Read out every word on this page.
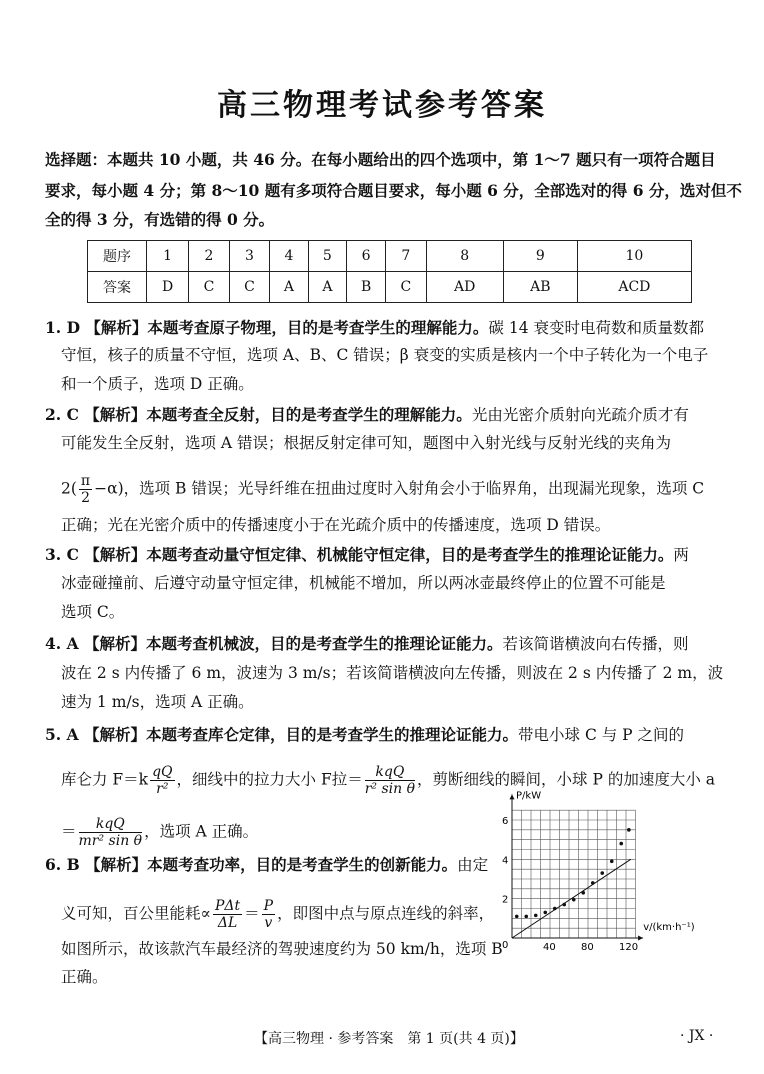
高三物理考试参考答案
选择题：本题共 10 小题，共 46 分。在每小题给出的四个选项中，第 1～7 题只有一项符合题目
要求，每小题 4 分；第 8～10 题有多项符合题目要求，每小题 6 分，全部选对的得 6 分，选对但不
全的得 3 分，有选错的得 0 分。
题序	1	2	3	4	5	6	7	8	9	10
答案	D	C	C	A	A	B	C	AD	AB	ACD
1. D 【解析】本题考查原子物理，目的是考查学生的理解能力。碳 14 衰变时电荷数和质量数都
守恒，核子的质量不守恒，选项 A、B、C 错误；β 衰变的实质是核内一个中子转化为一个电子
和一个质子，选项 D 正确。
2. C 【解析】本题考查全反射，目的是考查学生的理解能力。光由光密介质射向光疏介质才有
可能发生全反射，选项 A 错误；根据反射定律可知，题图中入射光线与反射光线的夹角为
$2( \frac{\pi}{2} -\alpha)$，选项 B 错误；光导纤维在扭曲过度时入射角会小于临界角，出现漏光现象，选项 C
正确；光在光密介质中的传播速度小于在光疏介质中的传播速度，选项 D 错误。
3. C 【解析】本题考查动量守恒定律、机械能守恒定律，目的是考查学生的推理论证能力。两
冰壶碰撞前、后遵守动量守恒定律，机械能不增加，所以两冰壶最终停止的位置不可能是
选项 C。
4. A 【解析】本题考查机械波，目的是考查学生的推理论证能力。若该简谐横波向右传播，则
波在 2 s 内传播了 6 m，波速为 3 m/s；若该简谐横波向左传播，则波在 2 s 内传播了 2 m，波
速为 1 m/s，选项 A 正确。
5. A 【解析】本题考查库仑定律，目的是考查学生的推理论证能力。带电小球 C 与 P 之间的
库仑力 $F=k \frac{qQ}{\text{r²}}$ ，细线中的拉力大小 F拉＝ $\frac{\text{kqQ}}{\text{r² sin θ}}$ ，剪断细线的瞬间，小球 P 的加速度大小 a
＝ $\frac{\text{kqQ}}{\text{mr² sin θ}}$ ，选项 A 正确。
6. B 【解析】本题考查功率，目的是考查学生的创新能力。由定
义可知，百公里能耗∝ $\frac{\text{PΔt}}{\Delta L} = \frac{P}{v}$ ，即图中点与原点连线的斜率，
如图所示，故该款汽车最经济的驾驶速度约为 50 km/h，选项 B
正确。
P/kW
v/(km·h⁻¹)
0
2
4
6
40	80	120
【高三物理 · 参考答案　第 1 页(共 4 页)】	· JX ·
